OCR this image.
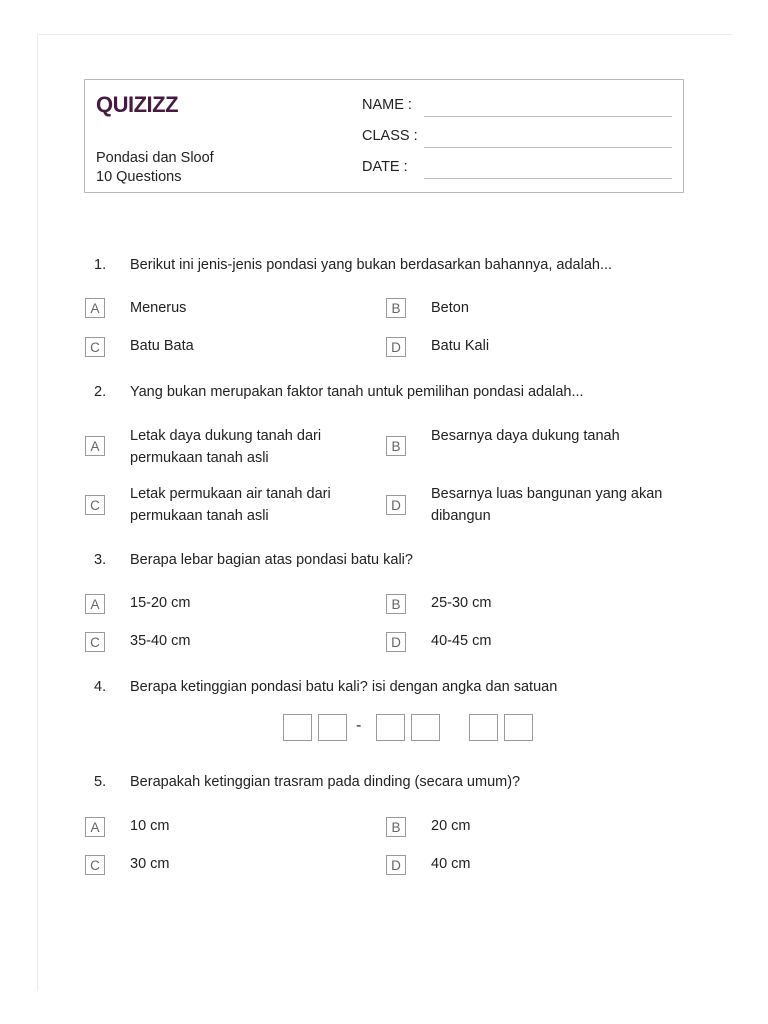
QUIZIZZ
Pondasi dan Sloof
10 Questions
NAME :
CLASS :
DATE :
1. Berikut ini jenis-jenis pondasi yang bukan berdasarkan bahannya, adalah...
A	Menerus	B	Beton
C	Batu Bata	D	Batu Kali
2. Yang bukan merupakan faktor tanah untuk pemilihan pondasi adalah...
A
Letak daya dukung tanah dari
permukaan tanah asli
B
Besarnya daya dukung tanah
C
Letak permukaan air tanah dari
permukaan tanah asli
D
Besarnya luas bangunan yang akan
dibangun
3. Berapa lebar bagian atas pondasi batu kali?
A	15-20 cm	B	25-30 cm
C	35-40 cm	D	40-45 cm
4. Berapa ketinggian pondasi batu kali? isi dengan angka dan satuan
-
5. Berapakah ketinggian trasram pada dinding (secara umum)?
A	10 cm	B	20 cm
C	30 cm	D	40 cm
